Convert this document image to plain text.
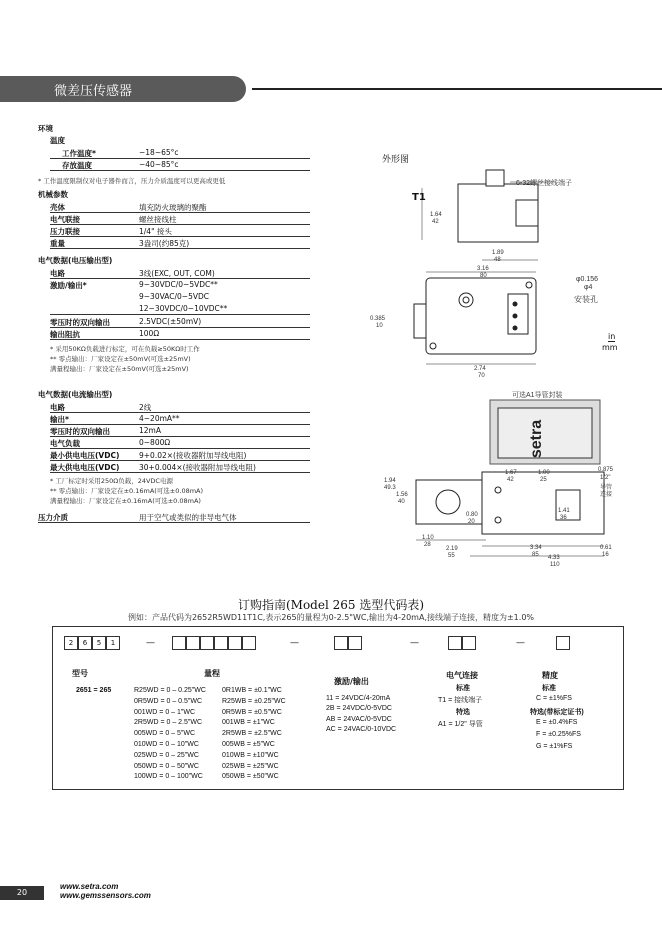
微差压传感器
环境
温度
工作温度*	−18~65°c
存放温度	−40~85°c
* 工作温度限制仅对电子器件而言，压力介质温度可以更高或更低
机械参数
壳体	填充防火玻璃的聚酯
电气联接	螺丝接线柱
压力联接	1/4" 接头
重量	3盎司(约85克)
电气数据(电压输出型)
电路	3线(EXC, OUT, COM)
激励/输出*	9−30VDC/0−5VDC**
9−30VAC/0−5VDC
12−30VDC/0−10VDC**
零压时的双向输出	2.5VDC(±50mV)
输出阻抗	100Ω
* 采用50KΩ负载进行标定，可在负载≥50KΩ时工作
** 零点输出：厂家设定在±50mV(可选±25mV)
满量程输出：厂家设定在±50mV(可选±25mV)
电气数据(电流输出型)
电路	2线
输出*	4~20mA**
零压时的双向输出	12mA
电气负载	0~800Ω
最小供电电压(VDC)	9+0.02×(接收器附加导线电阻)
最大供电电压(VDC)	30+0.004×(接收器附加导线电阻)
* 工厂标定时采用250Ω负载，24VDC电源
** 零点输出：厂家设定在±0.16mA(可选±0.08mA)
满量程输出：厂家设定在±0.16mA(可选±0.08mA)
压力介质	用于空气或类似的非导电气体
外形图
T1
6-32螺丝接线端子
1.64
42
1.89
48
3.16
80	φ0.156
φ4
安装孔
0.385
10
in
mm
2.74
70
可选A1导管封装
setra
1.67
42
1.00
25
0.875
1/2"
导管
连接
1.94
49.3
1.56
40
0.80
20
1.41
36
1.10
28
2.19
55
3.34
85 4.33
110
0.61
16
订购指南(Model 265 选型代码表)
例如：产品代码为2652R5WD11T1C,表示265的量程为0-2.5"WC,输出为4-20mA,接线端子连接，精度为±1.0%
2	6	5	1	—	—	—	—
型号
2651 = 265
量程
R25WD = 0 – 0.25"WC
0R5WD = 0 – 0.5"WC
001WD = 0 – 1"WC
2R5WD = 0 – 2.5"WC
005WD = 0 – 5"WC
010WD = 0 – 10"WC
025WD = 0 – 25"WC
050WD = 0 – 50"WC
100WD = 0 – 100"WC
0R1WB = ±0.1"WC
R25WB = ±0.25"WC
0R5WB = ±0.5"WC
001WB = ±1"WC
2R5WB = ±2.5"WC
005WB = ±5"WC
010WB = ±10"WC
025WB = ±25"WC
050WB = ±50"WC
激励/输出
11 = 24VDC/4-20mA
2B = 24VDC/0-5VDC
AB = 24VAC/0-5VDC
AC = 24VAC/0-10VDC
电气连接
标准
T1 = 接线端子
特选
A1 = 1/2" 导管
精度
标准
C = ±1%FS
特选(带标定证书)
E = ±0.4%FS
F = ±0.25%FS
G = ±1%FS
20
www.setra.com
www.gemssensors.com
